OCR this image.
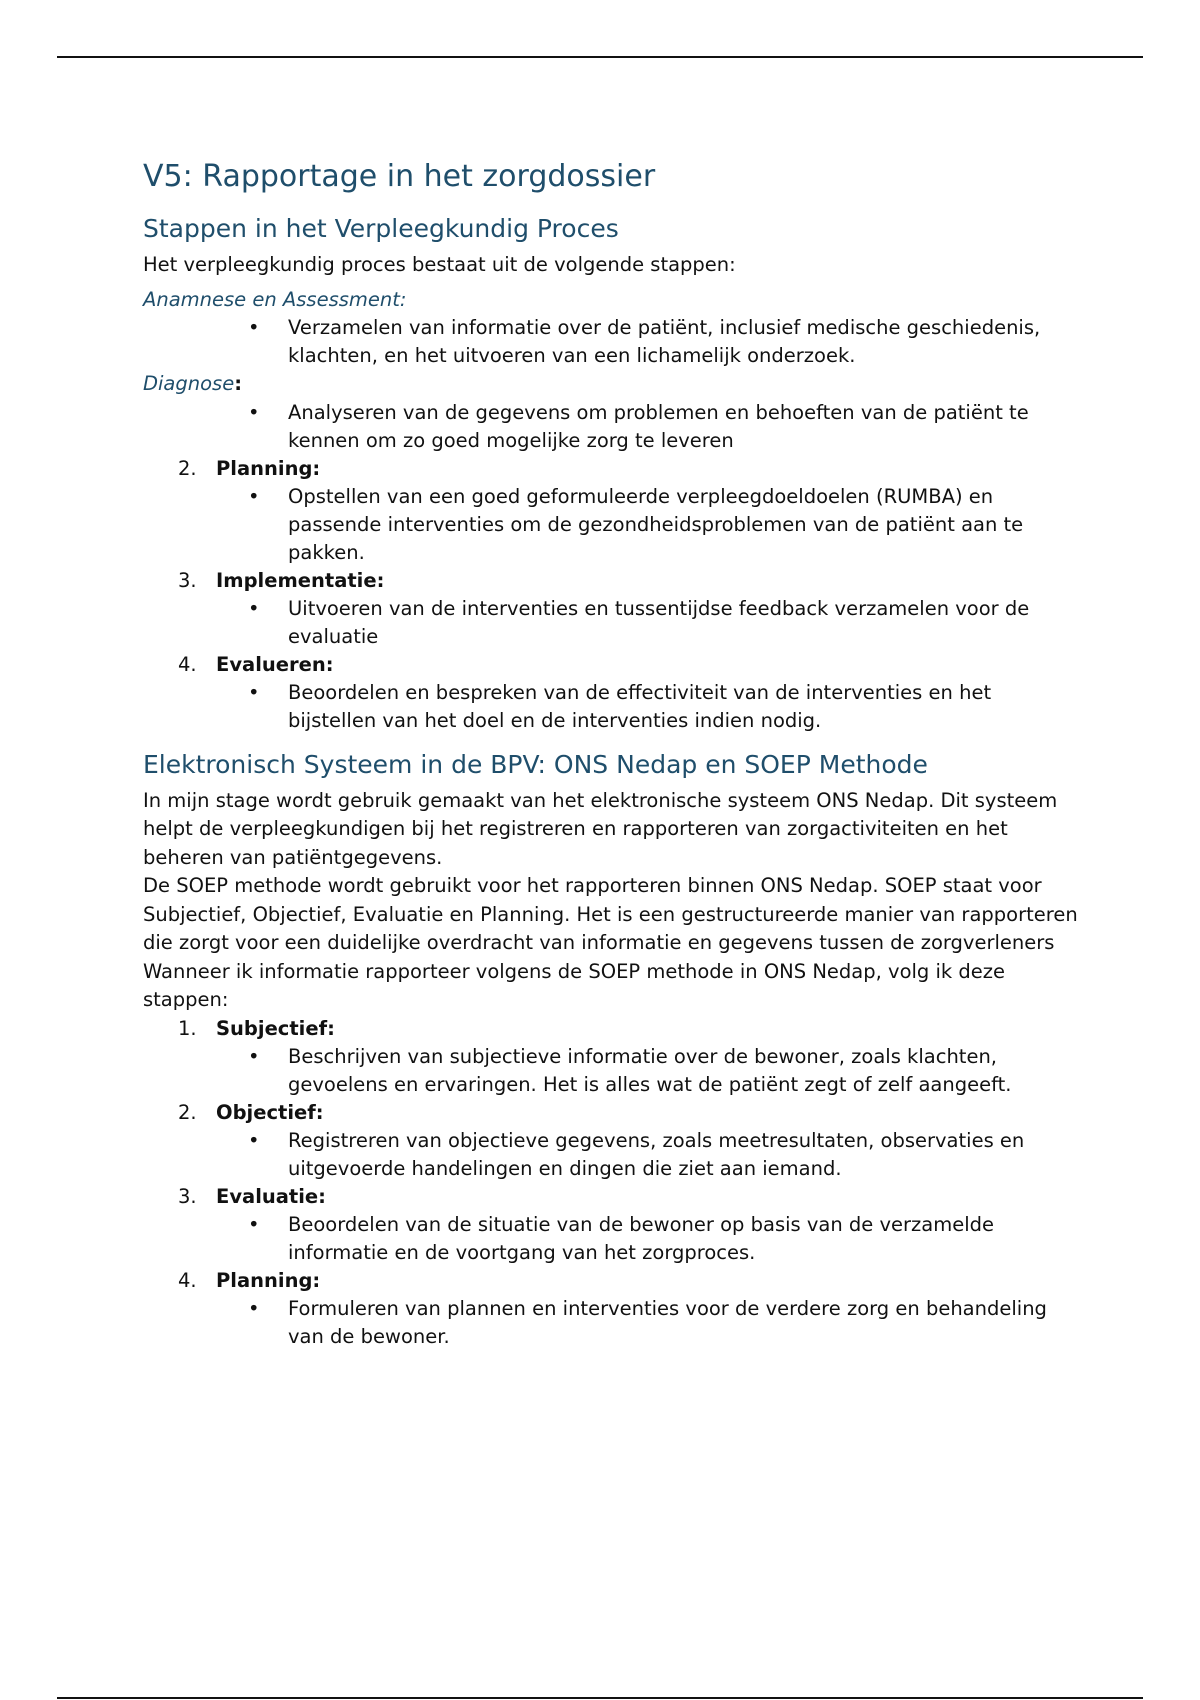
V5: Rapportage in het zorgdossier
Stappen in het Verpleegkundig Proces

Het verpleegkundig proces bestaat uit de volgende stappen:

Anamnese en Assessment:
• Verzamelen van informatie over de patiënt, inclusief medische geschiedenis, klachten, en het uitvoeren van een lichamelijk onderzoek.
Diagnose:
• Analyseren van de gegevens om problemen en behoeften van de patiënt te kennen om zo goed mogelijke zorg te leveren
2. Planning:
• Opstellen van een goed geformuleerde verpleegdoeldoelen (RUMBA) en passende interventies om de gezondheidsproblemen van de patiënt aan te pakken.
3. Implementatie:
• Uitvoeren van de interventies en tussentijdse feedback verzamelen voor de evaluatie
4. Evalueren:
• Beoordelen en bespreken van de effectiviteit van de interventies en het bijstellen van het doel en de interventies indien nodig.
Elektronisch Systeem in de BPV: ONS Nedap en SOEP Methode

In mijn stage wordt gebruik gemaakt van het elektronische systeem ONS Nedap. Dit systeem helpt de verpleegkundigen bij het registreren en rapporteren van zorgactiviteiten en het beheren van patiëntgegevens.

De SOEP methode wordt gebruikt voor het rapporteren binnen ONS Nedap. SOEP staat voor Subjectief, Objectief, Evaluatie en Planning. Het is een gestructureerde manier van rapporteren die zorgt voor een duidelijke overdracht van informatie en gegevens tussen de zorgverleners

Wanneer ik informatie rapporteer volgens de SOEP methode in ONS Nedap, volg ik deze stappen:

1. Subjectief:
• Beschrijven van subjectieve informatie over de bewoner, zoals klachten, gevoelens en ervaringen. Het is alles wat de patiënt zegt of zelf aangeeft.
2. Objectief:
• Registreren van objectieve gegevens, zoals meetresultaten, observaties en uitgevoerde handelingen en dingen die ziet aan iemand.
3. Evaluatie:
• Beoordelen van de situatie van de bewoner op basis van de verzamelde informatie en de voortgang van het zorgproces.
4. Planning:
• Formuleren van plannen en interventies voor de verdere zorg en behandeling van de bewoner.
